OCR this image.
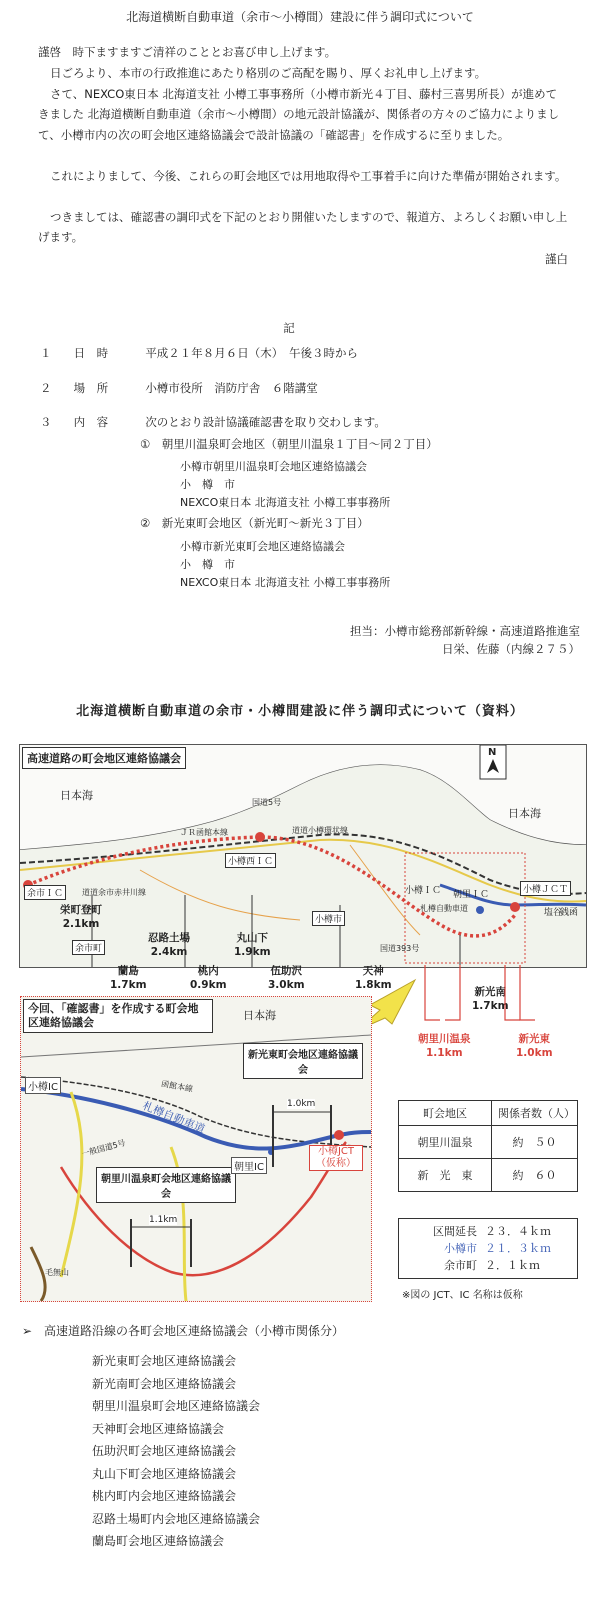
北海道横断自動車道（余市～小樽間）建設に伴う調印式について
謹啓　時下ますますご清祥のこととお喜び申し上げます。
日ごろより、本市の行政推進にあたり格別のご高配を賜り、厚くお礼申し上げます。
さて、NEXCO東日本 北海道支社 小樽工事事務所（小樽市新光４丁目、藤村三喜男所長）が進めてきました 北海道横断自動車道（余市～小樽間）の地元設計協議が、関係者の方々のご協力によりまして、小樽市内の次の町会地区連絡協議会で設計協議の「確認書」を作成するに至りました。
これによりまして、今後、これらの町会地区では用地取得や工事着手に向けた準備が開始されます。
つきましては、確認書の調印式を下記のとおり開催いたしますので、報道方、よろしくお願い申し上げます。
謹白
記
１ 日　時	平成２１年８月６日（木）　午後３時から
２ 場　所	小樽市役所　消防庁舎　６階講堂
３ 内　容	次のとおり設計協議確認書を取り交わします。
①　朝里川温泉町会地区（朝里川温泉１丁目～同２丁目）
小樽市朝里川温泉町会地区連絡協議会
小　樽　市
NEXCO東日本 北海道支社 小樽工事事務所
②　新光東町会地区（新光町～新光３丁目）
小樽市新光東町会地区連絡協議会
小　樽　市
NEXCO東日本 北海道支社 小樽工事事務所
担当：小樽市総務部新幹線・高速道路推進室
日栄、佐藤（内線２７５）
北海道横断自動車道の余市・小樽間建設に伴う調印式について（資料）
高速道路の町会地区連絡協議会	N
日本海
日本海
国道5号
ＪＲ函館本線	道道小樽環状線
余市ＩＣ	道道余市赤井川線
小樽西ＩＣ
小樽市
余市町
小樽ＩＣ 朝里ＩＣ
札樽自動車道
小樽ＪＣＴ
国道393号
塩谷
銭函
栄町登町
2.1km
忍路土場
2.4km
丸山下
1.9km
蘭島
1.7km
桃内
0.9km
伍助沢
3.0km
天神
1.8km
新光南
1.7km
朝里川温泉
1.1km
新光東
1.0km
今回、「確認書」を作成する町会地区連絡協議会
日本海
新光東町会地区連絡協議会
朝里川温泉町会地区連絡協議会
1.0km
1.1km
小樽IC
朝里IC
小樽JCT（仮称）
札樽自動車道
函館本線
一般国道5号
毛無山
町会地区	関係者数（人）
朝里川温泉	約　５０
新　光　東	約　６０
区間延長 ２３．４ｋｍ
小樽市 ２１．３ｋｍ
余市町 ２．１ｋｍ
※図の JCT、IC 名称は仮称
➢ 高速道路沿線の各町会地区連絡協議会（小樽市関係分）
新光東町会地区連絡協議会
新光南町会地区連絡協議会
朝里川温泉町会地区連絡協議会
天神町会地区連絡協議会
伍助沢町会地区連絡協議会
丸山下町会地区連絡協議会
桃内町内会地区連絡協議会
忍路土場町内会地区連絡協議会
蘭島町会地区連絡協議会
